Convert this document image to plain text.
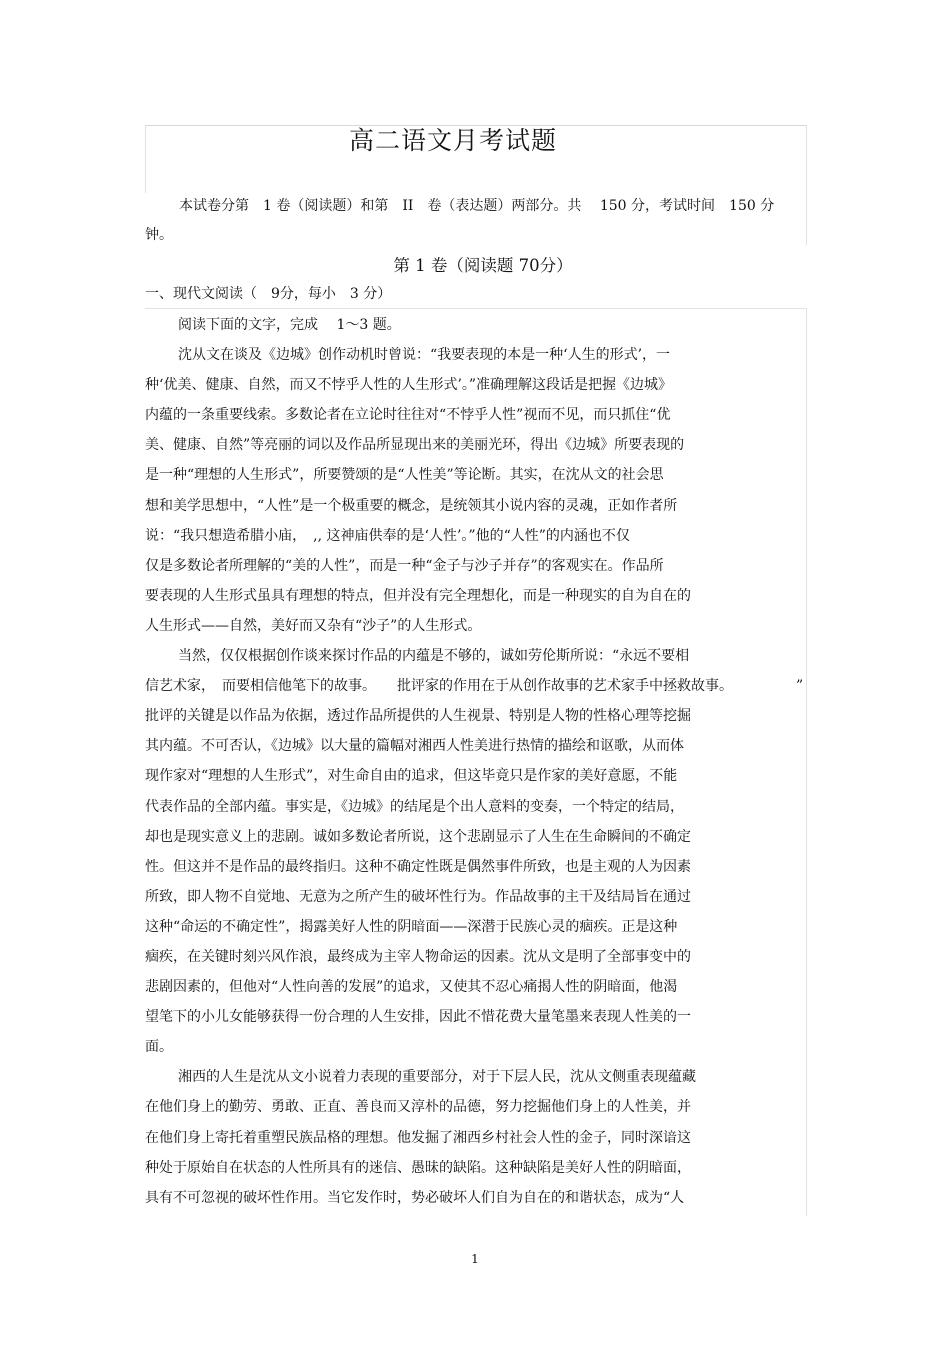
高二语文月考试题
本试卷分第　1 卷（阅读题）和第　II　卷（表达题）两部分。共　 150 分，考试时间　150 分
钟。
第 1 卷（阅读题 70分）
一、现代文阅读（　9分，每小　3 分）
阅读下面的文字，完成　 1～3 题。
沈从文在谈及《边城》创作动机时曾说：“我要表现的本是一种‘人生的形式’，一
种‘优美、健康、自然，而又不悖乎人性的人生形式’。”准确理解这段话是把握《边城》
内蕴的一条重要线索。多数论者在立论时往往对“不悖乎人性”视而不见，而只抓住“优
美、健康、自然”等亮丽的词以及作品所显现出来的美丽光环，得出《边城》所要表现的
是一种“理想的人生形式”，所要赞颂的是“人性美”等论断。其实，在沈从文的社会思
想和美学思想中，“人性”是一个极重要的概念，是统领其小说内容的灵魂，正如作者所
说：“我只想造希腊小庙，　,, 这神庙供奉的是‘人性’。”他的“人性”的内涵也不仅
仅是多数论者所理解的“美的人性”，而是一种“金子与沙子并存”的客观实在。作品所
要表现的人生形式虽具有理想的特点，但并没有完全理想化，而是一种现实的自为自在的
人生形式——自然，美好而又杂有“沙子”的人生形式。
当然，仅仅根据创作谈来探讨作品的内蕴是不够的，诚如劳伦斯所说：“永远不要相
信艺术家，　而要相信他笔下的故事。　　批评家的作用在于从创作故事的艺术家手中拯救故事。　　　　　”
批评的关键是以作品为依据，透过作品所提供的人生视景、特别是人物的性格心理等挖掘
其内蕴。不可否认，《边城》以大量的篇幅对湘西人性美进行热情的描绘和讴歌，从而体
现作家对“理想的人生形式”，对生命自由的追求，但这毕竟只是作家的美好意愿，不能
代表作品的全部内蕴。事实是，《边城》的结尾是个出人意料的变奏，一个特定的结局，
却也是现实意义上的悲剧。诚如多数论者所说，这个悲剧显示了人生在生命瞬间的不确定
性。但这并不是作品的最终指归。这种不确定性既是偶然事件所致，也是主观的人为因素
所致，即人物不自觉地、无意为之所产生的破坏性行为。作品故事的主干及结局旨在通过
这种“命运的不确定性”，揭露美好人性的阴暗面——深潜于民族心灵的痼疾。正是这种
痼疾，在关键时刻兴风作浪，最终成为主宰人物命运的因素。沈从文是明了全部事变中的
悲剧因素的，但他对“人性向善的发展”的追求，又使其不忍心痛揭人性的阴暗面，他渴
望笔下的小儿女能够获得一份合理的人生安排，因此不惜花费大量笔墨来表现人性美的一
面。
湘西的人生是沈从文小说着力表现的重要部分，对于下层人民，沈从文侧重表现蕴藏
在他们身上的勤劳、勇敢、正直、善良而又淳朴的品德，努力挖掘他们身上的人性美，并
在他们身上寄托着重塑民族品格的理想。他发掘了湘西乡村社会人性的金子，同时深谙这
种处于原始自在状态的人性所具有的迷信、愚昧的缺陷。这种缺陷是美好人性的阴暗面，
具有不可忽视的破坏性作用。当它发作时，势必破坏人们自为自在的和谐状态，成为“人
1
